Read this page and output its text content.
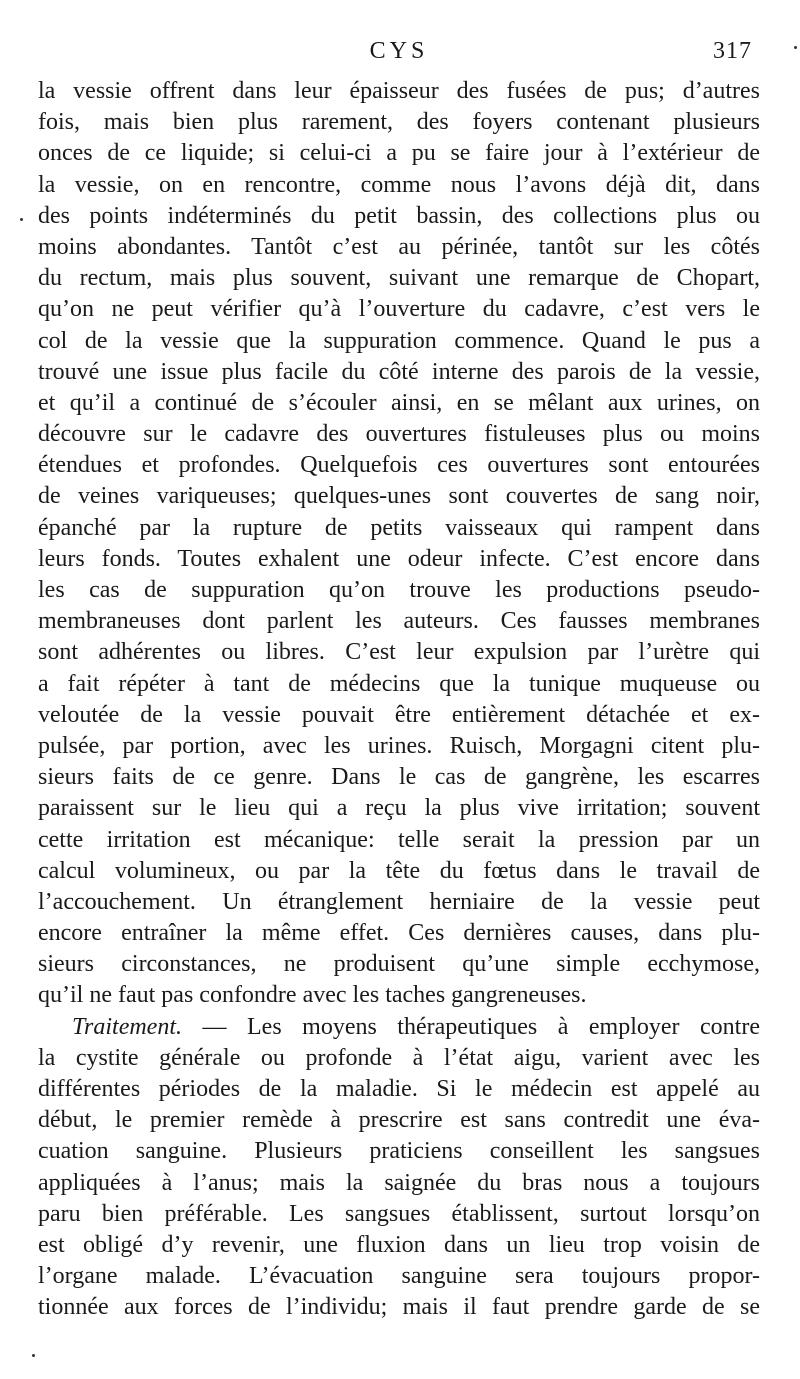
CYS	317
la vessie offrent dans leur épaisseur des fusées de pus; d’autres
fois, mais bien plus rarement, des foyers contenant plusieurs
onces de ce liquide; si celui-ci a pu se faire jour à l’extérieur de
la vessie, on en rencontre, comme nous l’avons déjà dit, dans
des points indéterminés du petit bassin, des collections plus ou
moins abondantes. Tantôt c’est au périnée, tantôt sur les côtés
du rectum, mais plus souvent, suivant une remarque de Chopart,
qu’on ne peut vérifier qu’à l’ouverture du cadavre, c’est vers le
col de la vessie que la suppuration commence. Quand le pus a
trouvé une issue plus facile du côté interne des parois de la vessie,
et qu’il a continué de s’écouler ainsi, en se mêlant aux urines, on
découvre sur le cadavre des ouvertures fistuleuses plus ou moins
étendues et profondes. Quelquefois ces ouvertures sont entourées
de veines variqueuses; quelques-unes sont couvertes de sang noir,
épanché par la rupture de petits vaisseaux qui rampent dans
leurs fonds. Toutes exhalent une odeur infecte. C’est encore dans
les cas de suppuration qu’on trouve les productions pseudo-
membraneuses dont parlent les auteurs. Ces fausses membranes
sont adhérentes ou libres. C’est leur expulsion par l’urètre qui
a fait répéter à tant de médecins que la tunique muqueuse ou
veloutée de la vessie pouvait être entièrement détachée et ex-
pulsée, par portion, avec les urines. Ruisch, Morgagni citent plu-
sieurs faits de ce genre. Dans le cas de gangrène, les escarres
paraissent sur le lieu qui a reçu la plus vive irritation; souvent
cette irritation est mécanique: telle serait la pression par un
calcul volumineux, ou par la tête du fœtus dans le travail de
l’accouchement. Un étranglement herniaire de la vessie peut
encore entraîner la même effet. Ces dernières causes, dans plu-
sieurs circonstances, ne produisent qu’une simple ecchymose,
qu’il ne faut pas confondre avec les taches gangreneuses.
Traitement. — Les moyens thérapeutiques à employer contre
la cystite générale ou profonde à l’état aigu, varient avec les
différentes périodes de la maladie. Si le médecin est appelé au
début, le premier remède à prescrire est sans contredit une éva-
cuation sanguine. Plusieurs praticiens conseillent les sangsues
appliquées à l’anus; mais la saignée du bras nous a toujours
paru bien préférable. Les sangsues établissent, surtout lorsqu’on
est obligé d’y revenir, une fluxion dans un lieu trop voisin de
l’organe malade. L’évacuation sanguine sera toujours propor-
tionnée aux forces de l’individu; mais il faut prendre garde de se
